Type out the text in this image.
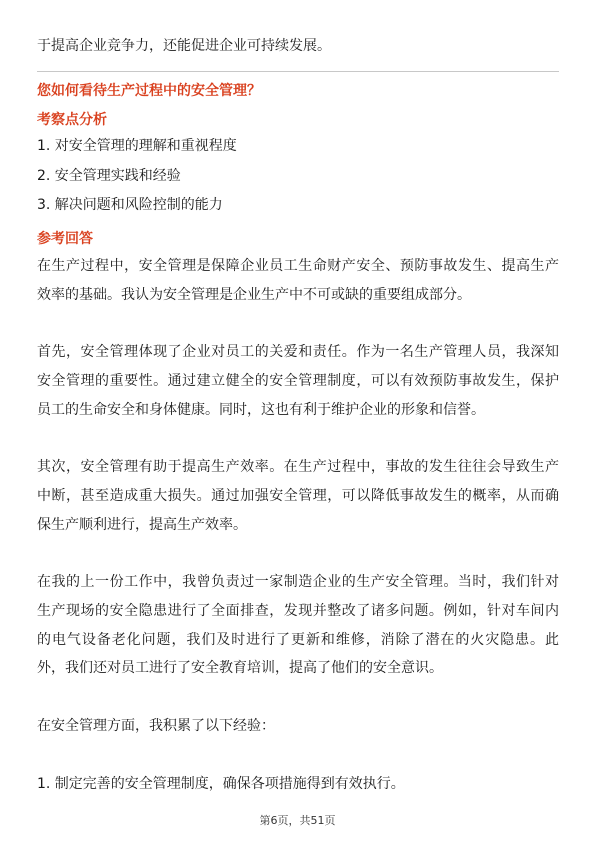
于提高企业竞争力，还能促进企业可持续发展。
您如何看待生产过程中的安全管理？
考察点分析
1. 对安全管理的理解和重视程度
2. 安全管理实践和经验
3. 解决问题和风险控制的能力
参考回答
在生产过程中，安全管理是保障企业员工生命财产安全、预防事故发生、提高生产
效率的基础。我认为安全管理是企业生产中不可或缺的重要组成部分。
首先，安全管理体现了企业对员工的关爱和责任。作为一名生产管理人员，我深知
安全管理的重要性。通过建立健全的安全管理制度，可以有效预防事故发生，保护
员工的生命安全和身体健康。同时，这也有利于维护企业的形象和信誉。
其次，安全管理有助于提高生产效率。在生产过程中，事故的发生往往会导致生产
中断，甚至造成重大损失。通过加强安全管理，可以降低事故发生的概率，从而确
保生产顺利进行，提高生产效率。
在我的上一份工作中，我曾负责过一家制造企业的生产安全管理。当时，我们针对
生产现场的安全隐患进行了全面排查，发现并整改了诸多问题。例如，针对车间内
的电气设备老化问题，我们及时进行了更新和维修，消除了潜在的火灾隐患。此
外，我们还对员工进行了安全教育培训，提高了他们的安全意识。
在安全管理方面，我积累了以下经验：
1. 制定完善的安全管理制度，确保各项措施得到有效执行。
第6页，共51页
